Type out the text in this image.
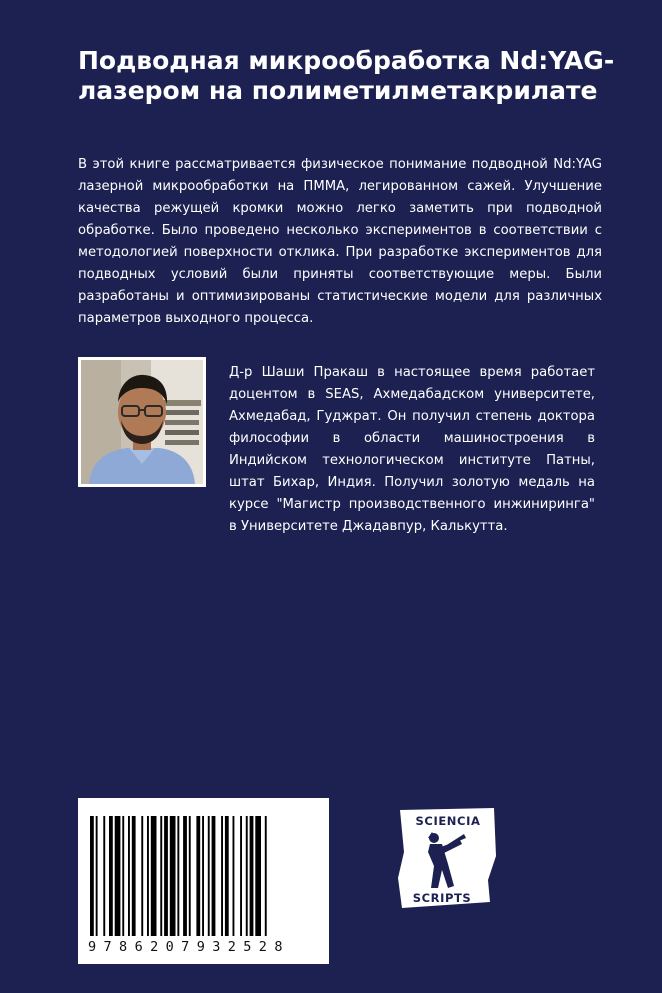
Подводная микрообработка Nd:YAG-лазером на полиметилметакрилате

В этой книге рассматривается физическое понимание подводной Nd:YAG лазерной микрообработки на ПММА, легированном сажей. Улучшение качества режущей кромки можно легко заметить при подводной обработке. Было проведено несколько экспериментов в соответствии с методологией поверхности отклика. При разработке экспериментов для подводных условий были приняты соответствующие меры. Были разработаны и оптимизированы статистические модели для различных параметров выходного процесса.

Д-р Шаши Пракаш в настоящее время работает доцентом в SEAS, Ахмедабадском университете, Ахмедабад, Гуджрат. Он получил степень доктора философии в области машиностроения в Индийском технологическом институте Патны, штат Бихар, Индия. Получил золотую медаль на курсе "Магистр производственного инжиниринга" в Университете Джадавпур, Калькутта.

9786207932528
SCIENCIA
SCRIPTS
